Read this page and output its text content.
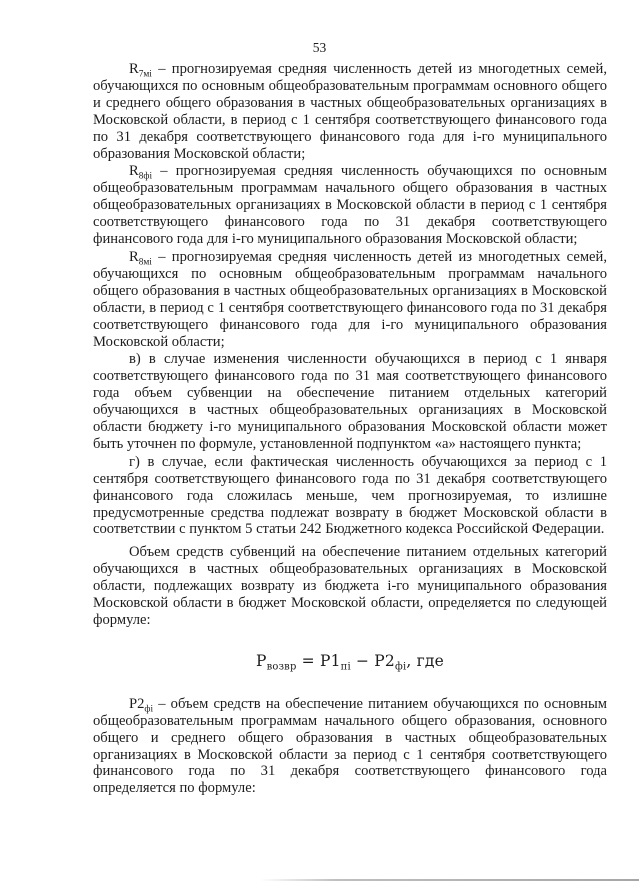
53

$R_{7мi}$ – прогнозируемая средняя численность детей из многодетных семей, обучающихся по основным общеобразовательным программам основного общего и среднего общего образования в частных общеобразовательных организациях в Московской области, в период с 1 сентября соответствующего финансового года по 31 декабря соответствующего финансового года для i-го муниципального образования Московской области;

$R_{8фi}$ – прогнозируемая средняя численность обучающихся по основным общеобразовательным программам начального общего образования в частных общеобразовательных организациях в Московской области в период с 1 сентября соответствующего финансового года по 31 декабря соответствующего финансового года для i-го муниципального образования Московской области;

$R_{8мi}$ – прогнозируемая средняя численность детей из многодетных семей, обучающихся по основным общеобразовательным программам начального общего образования в частных общеобразовательных организациях в Московской области, в период с 1 сентября соответствующего финансового года по 31 декабря соответствующего финансового года для i-го муниципального образования Московской области;

в) в случае изменения численности обучающихся в период с 1 января соответствующего финансового года по 31 мая соответствующего финансового года объем субвенции на обеспечение питанием отдельных категорий обучающихся в частных общеобразовательных организациях в Московской области бюджету i-го муниципального образования Московской области может быть уточнен по формуле, установленной подпунктом «а» настоящего пункта;

г) в случае, если фактическая численность обучающихся за период с 1 сентября соответствующего финансового года по 31 декабря соответствующего финансового года сложилась меньше, чем прогнозируемая, то излишне предусмотренные средства подлежат возврату в бюджет Московской области в соответствии с пунктом 5 статьи 242 Бюджетного кодекса Российской Федерации.

Объем средств субвенций на обеспечение питанием отдельных категорий обучающихся в частных общеобразовательных организациях в Московской области, подлежащих возврату из бюджета i-го муниципального образования Московской области в бюджет Московской области, определяется по следующей формуле:

$P_{возвр} = P1_{пi} - P2_{фi}$, где

$P2_{фi}$ – объем средств на обеспечение питанием обучающихся по основным общеобразовательным программам начального общего образования, основного общего и среднего общего образования в частных общеобразовательных организациях в Московской области за период с 1 сентября соответствующего финансового года по 31 декабря соответствующего финансового года определяется по формуле:
